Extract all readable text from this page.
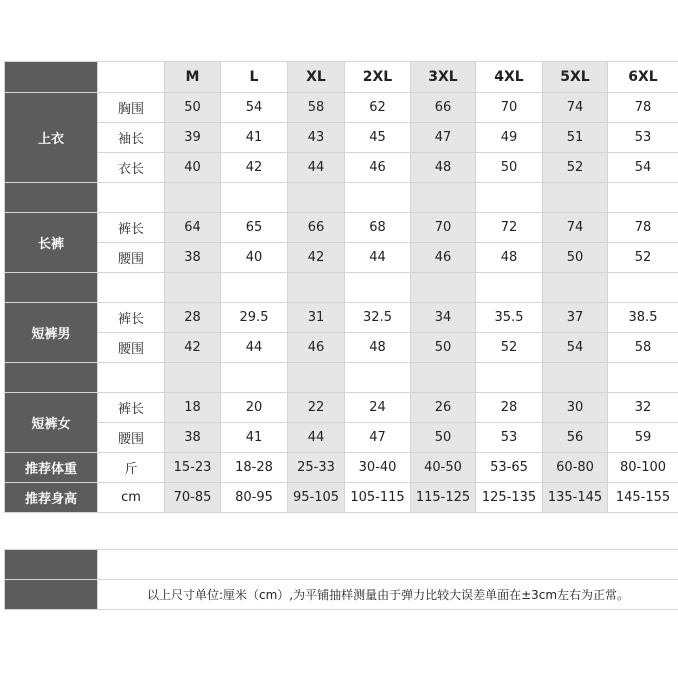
		M	L	XL	2XL	3XL	4XL	5XL	6XL
上衣	胸围	50	54	58	62	66	70	74	78
	袖长	39	41	43	45	47	49	51	53
	衣长	40	42	44	46	48	50	52	54

长裤	裤长	64	65	66	68	70	72	74	78
	腰围	38	40	42	44	46	48	50	52

短裤男	裤长	28	29.5	31	32.5	34	35.5	37	38.5
	腰围	42	44	46	48	50	52	54	58

短裤女	裤长	18	20	22	24	26	28	30	32
	腰围	38	41	44	47	50	53	56	59
推荐体重	斤	15-23	18-28	25-33	30-40	40-50	53-65	60-80	80-100
推荐身高	cm	70-85	80-95	95-105	105-115	115-125	125-135	135-145	145-155

	以上尺寸单位:厘米（cm）,为平铺抽样测量由于弹力比较大误差单面在±3cm左右为正常。
